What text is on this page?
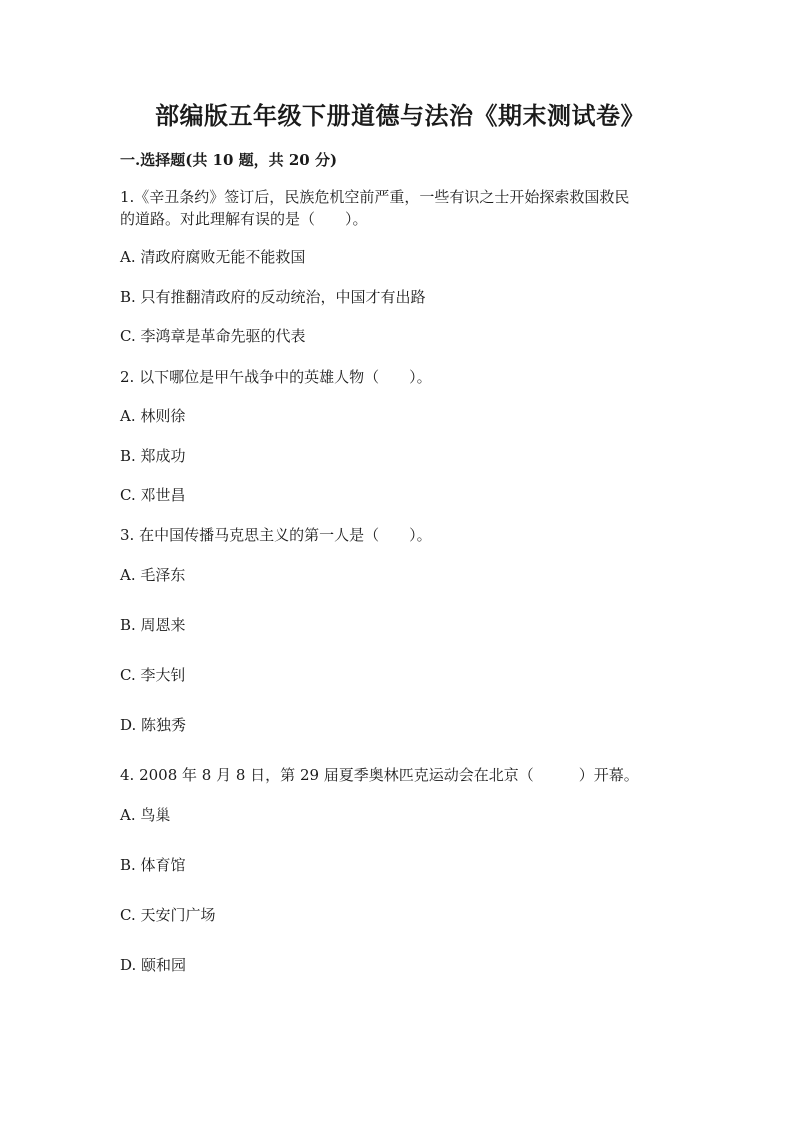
部编版五年级下册道德与法治《期末测试卷》
一.选择题(共 10 题，共 20 分)
1.《辛丑条约》签订后，民族危机空前严重，一些有识之士开始探索救国救民
的道路。对此理解有误的是（　　）。
A. 清政府腐败无能不能救国
B. 只有推翻清政府的反动统治，中国才有出路
C. 李鸿章是革命先驱的代表
2. 以下哪位是甲午战争中的英雄人物（　　）。
A. 林则徐
B. 郑成功
C. 邓世昌
3. 在中国传播马克思主义的第一人是（　　）。
A. 毛泽东
B. 周恩来
C. 李大钊
D. 陈独秀
4. 2008 年 8 月 8 日，第 29 届夏季奥林匹克运动会在北京（　　　）开幕。
A. 鸟巢
B. 体育馆
C. 天安门广场
D. 颐和园
